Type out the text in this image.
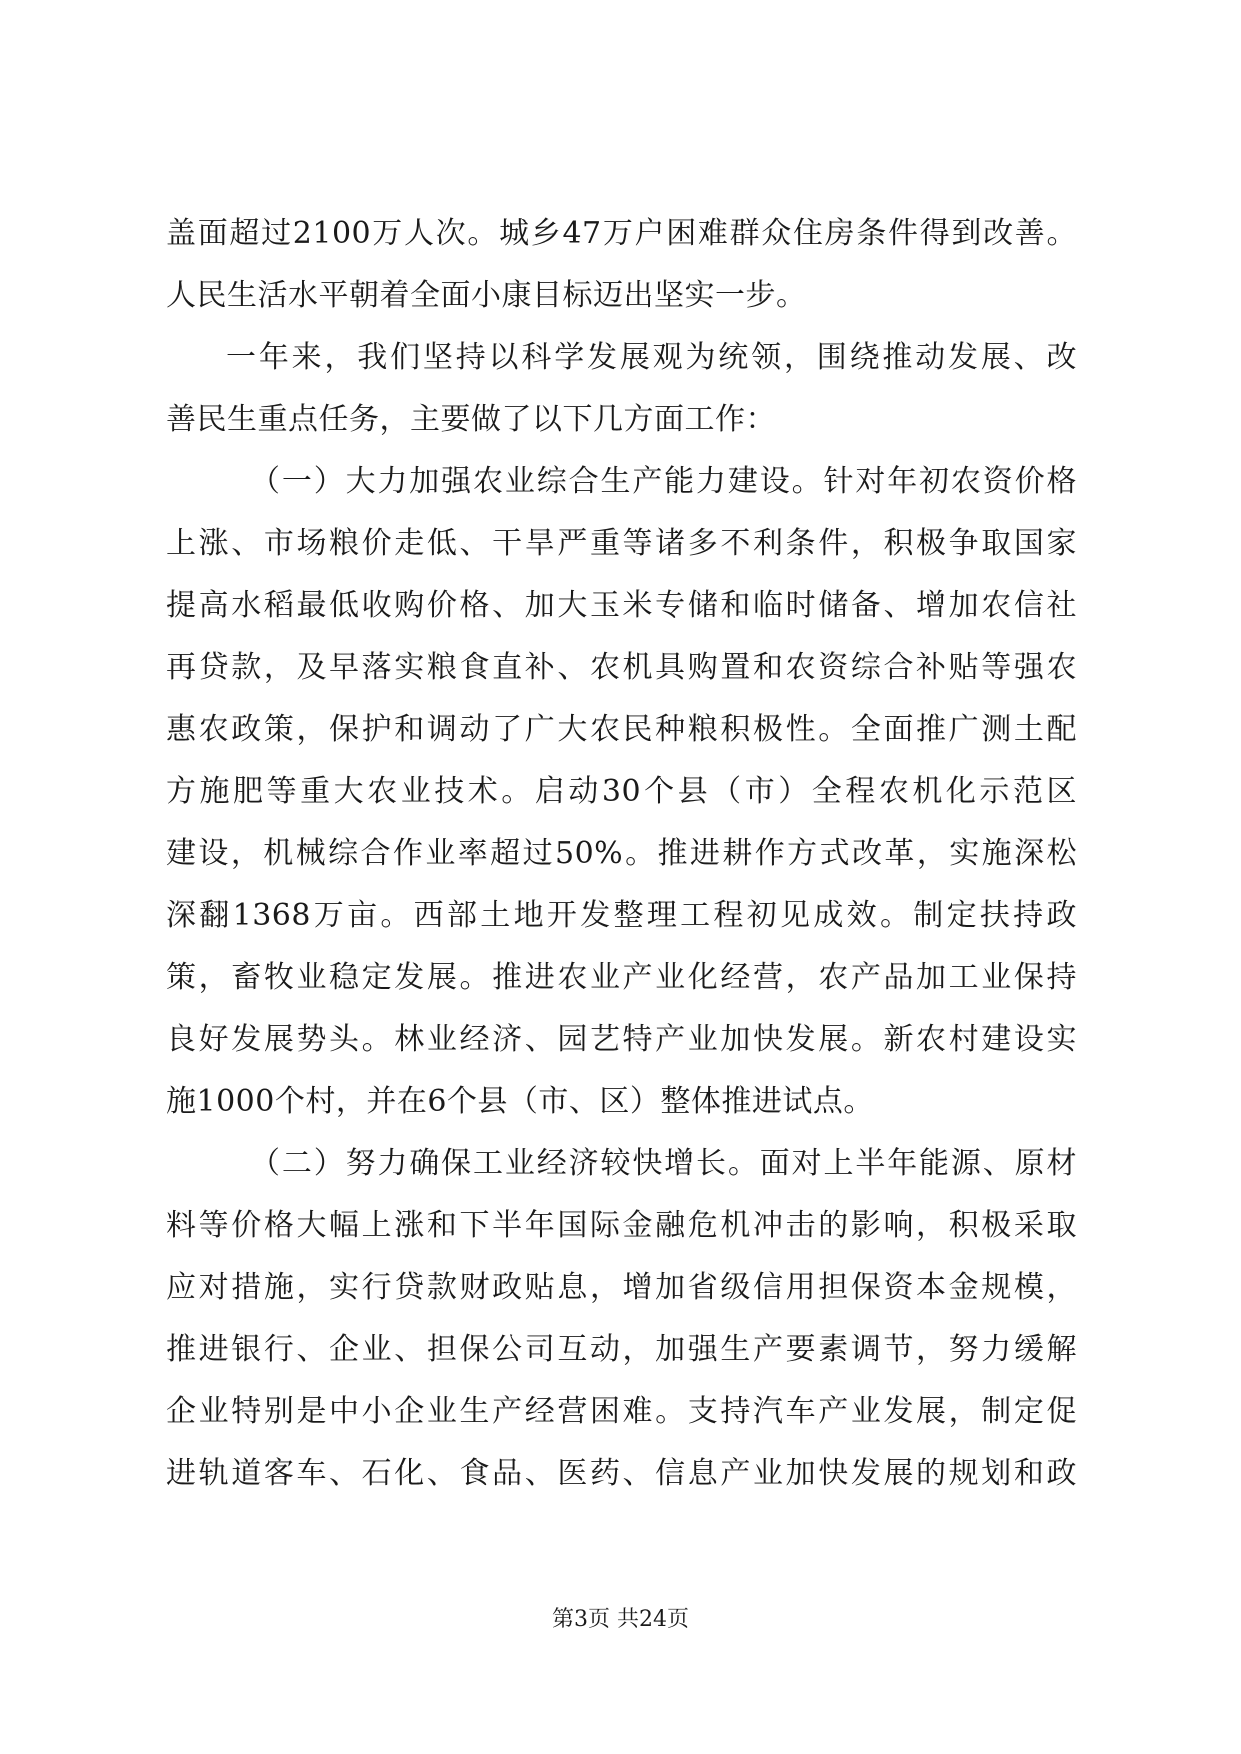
盖面超过2100万人次。城乡47万户困难群众住房条件得到改善。
人民生活水平朝着全面小康目标迈出坚实一步。
一年来，我们坚持以科学发展观为统领，围绕推动发展、改
善民生重点任务，主要做了以下几方面工作：
（一）大力加强农业综合生产能力建设。针对年初农资价格
上涨、市场粮价走低、干旱严重等诸多不利条件，积极争取国家
提高水稻最低收购价格、加大玉米专储和临时储备、增加农信社
再贷款，及早落实粮食直补、农机具购置和农资综合补贴等强农
惠农政策，保护和调动了广大农民种粮积极性。全面推广测土配
方施肥等重大农业技术。启动30个县（市）全程农机化示范区
建设，机械综合作业率超过50%。推进耕作方式改革，实施深松
深翻1368万亩。西部土地开发整理工程初见成效。制定扶持政
策，畜牧业稳定发展。推进农业产业化经营，农产品加工业保持
良好发展势头。林业经济、园艺特产业加快发展。新农村建设实
施1000个村，并在6个县（市、区）整体推进试点。
（二）努力确保工业经济较快增长。面对上半年能源、原材
料等价格大幅上涨和下半年国际金融危机冲击的影响，积极采取
应对措施，实行贷款财政贴息，增加省级信用担保资本金规模，
推进银行、企业、担保公司互动，加强生产要素调节，努力缓解
企业特别是中小企业生产经营困难。支持汽车产业发展，制定促
进轨道客车、石化、食品、医药、信息产业加快发展的规划和政
第3页 共24页
